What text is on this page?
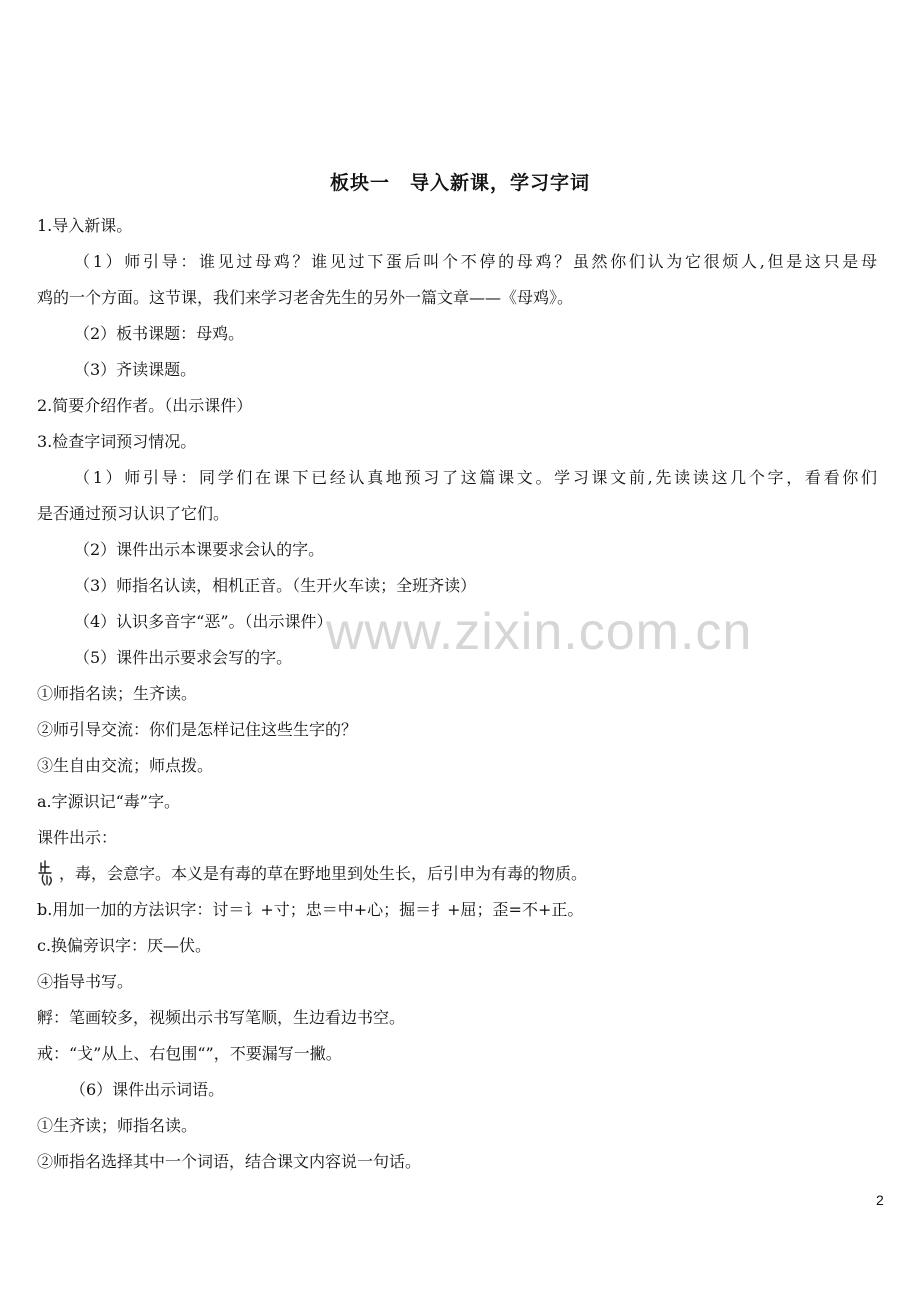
板块一　导入新课，学习字词
1.导入新课。
（1）师引导：谁见过母鸡？谁见过下蛋后叫个不停的母鸡？虽然你们认为它很烦人,但是这只是母
鸡的一个方面。这节课，我们来学习老舍先生的另外一篇文章——《母鸡》。
（2）板书课题：母鸡。
（3）齐读课题。
2.简要介绍作者。（出示课件）
3.检查字词预习情况。
（1）师引导：同学们在课下已经认真地预习了这篇课文。学习课文前,先读读这几个字，看看你们
是否通过预习认识了它们。
（2）课件出示本课要求会认的字。
（3）师指名认读，相机正音。（生开火车读；全班齐读）
（4）认识多音字“恶”。（出示课件）
（5）课件出示要求会写的字。
①师指名读；生齐读。
②师引导交流：你们是怎样记住这些生字的？
③生自由交流；师点拨。
a.字源识记“毒”字。
课件出示：
，毒，会意字。本义是有毒的草在野地里到处生长，后引申为有毒的物质。
b.用加一加的方法识字：讨＝讠+寸；忠＝中+心；掘＝扌+屈；歪=不+正。
c.换偏旁识字：厌—伏。
④指导书写。
孵：笔画较多，视频出示书写笔顺，生边看边书空。
戒：“戈”从上、右包围“”，不要漏写一撇。
（6）课件出示词语。
①生齐读；师指名读。
②师指名选择其中一个词语，结合课文内容说一句话。
www.zixin.com.cn
2
